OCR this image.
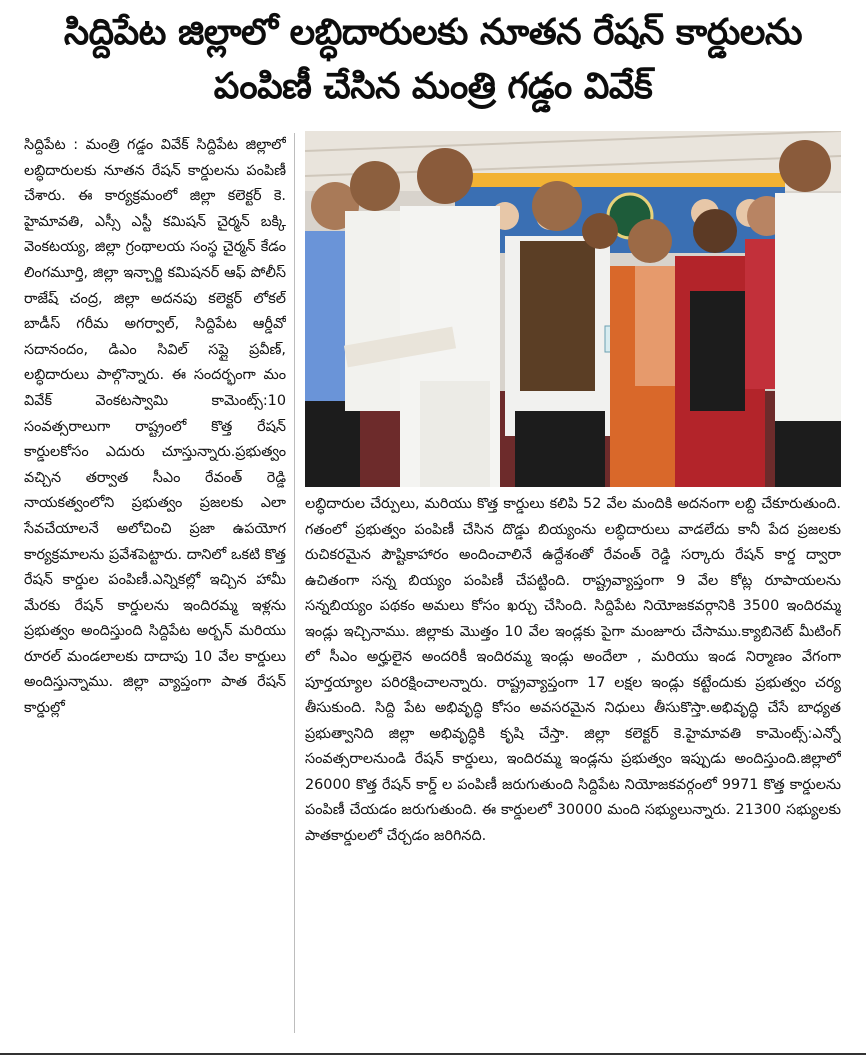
సిద్దిపేట జిల్లాలో లబ్ధిదారులకు నూతన రేషన్ కార్డులను
పంపిణీ చేసిన మంత్రి గడ్డం వివేక్

సిద్దిపేట : మంత్రి గడ్డం వివేక్ సిద్దిపేట జిల్లాలో లబ్ధిదారులకు నూతన రేషన్ కార్డులను పంపిణీ చేశారు. ఈ కార్యక్రమంలో జిల్లా కలెక్టర్ కె. హైమావతి, ఎస్సీ ఎస్టీ కమిషన్ చైర్మన్ బక్కి వెంకటయ్య, జిల్లా గ్రంథాలయ సంస్థ చైర్మన్ కేడం లింగమూర్తి, జిల్లా ఇన్చార్జి కమిషనర్ ఆఫ్ పోలీస్ రాజేష్ చంద్ర, జిల్లా అదనపు కలెక్టర్ లోకల్ బాడీస్ గరీమ అగర్వాల్, సిద్దిపేట ఆర్డీవో సదానందం, డిఎం సివిల్ సప్లై ప్రవీణ్, లబ్ధిదారులు పాల్గొన్నారు. ఈ సందర్భంగా మం వివేక్ వెంకటస్వామి కామెంట్స్:10 సంవత్సరాలుగా రాష్ట్రంలో కొత్త రేషన్ కార్డులకోసం ఎదురు చూస్తున్నారు.ప్రభుత్వం వచ్చిన తర్వాత సీఎం రేవంత్ రెడ్డి నాయకత్వంలోని ప్రభుత్వం ప్రజలకు ఎలా సేవచేయాలనే అలోచించి ప్రజా ఉపయోగ కార్యక్రమాలను ప్రవేశపెట్టారు. దానిలో ఒకటి కొత్త రేషన్ కార్డుల పంపిణీ.ఎన్నికల్లో ఇచ్చిన హామీ మేరకు రేషన్ కార్డులను ఇందిరమ్మ ఇళ్లను ప్రభుత్వం అందిస్తుంది సిద్దిపేట అర్బన్ మరియు రూరల్ మండలాలకు దాదాపు 10 వేల కార్డులు అందిస్తున్నాము. జిల్లా వ్యాప్తంగా పాత రేషన్ కార్డుల్లో

లబ్ధిదారుల చేర్పులు, మరియు కొత్త కార్డులు కలిపి 52 వేల మందికి అదనంగా లబ్ది చేకూరుతుంది. గతంలో ప్రభుత్వం పంపిణీ చేసిన దొడ్డు బియ్యంను లబ్ధిదారులు వాడలేదు కానీ పేద ప్రజలకు రుచికరమైన పౌష్టికాహారం అందించాలినే ఉద్దేశంతో రేవంత్ రెడ్డి సర్కారు రేషన్ కార్డ ద్వారా ఉచితంగా సన్న బియ్యం పంపిణీ చేపట్టింది. రాష్ట్రవ్యాప్తంగా 9 వేల కోట్ల రూపాయలను సన్నబియ్యం పథకం అమలు కోసం ఖర్చు చేసింది. సిద్దిపేట నియోజకవర్గానికి 3500 ఇందిరమ్మ ఇండ్లు ఇచ్చినాము. జిల్లాకు మొత్తం 10 వేల ఇండ్లకు పైగా మంజూరు చేసాము.క్యాబినెట్ మీటింగ్ లో సీఎం అర్హులైన అందరికీ ఇందిరమ్మ ఇండ్లు అందేలా , మరియు ఇండ నిర్మాణం వేగంగా పూర్తయ్యాల పరిరక్షించాలన్నారు. రాష్ట్రవ్యాప్తంగా 17 లక్షల ఇండ్లు కట్టేందుకు ప్రభుత్వం చర్య తీసుకుంది. సిద్ది పేట అభివృద్ధి కోసం అవసరమైన నిధులు తీసుకొస్తా.అభివృద్ధి చేసే బాధ్యత ప్రభుత్వానిది జిల్లా అభివృద్ధికి కృషి చేస్తా. జిల్లా కలెక్టర్ కె.హైమావతి కామెంట్స్:ఎన్నో సంవత్సరాలనుండి రేషన్ కార్డులు, ఇందిరమ్మ ఇండ్లను ప్రభుత్వం ఇప్పుడు అందిస్తుంది.జిల్లాలో 26000 కొత్త రేషన్ కార్డ్ ల పంపిణీ జరుగుతుంది సిద్దిపేట నియోజకవర్గంలో 9971 కొత్త కార్డులను పంపిణీ చేయడం జరుగుతుంది. ఈ కార్డులలో 30000 మంది సభ్యులున్నారు. 21300 సభ్యులకు పాతకార్డులలో చేర్చడం జరిగినది.
